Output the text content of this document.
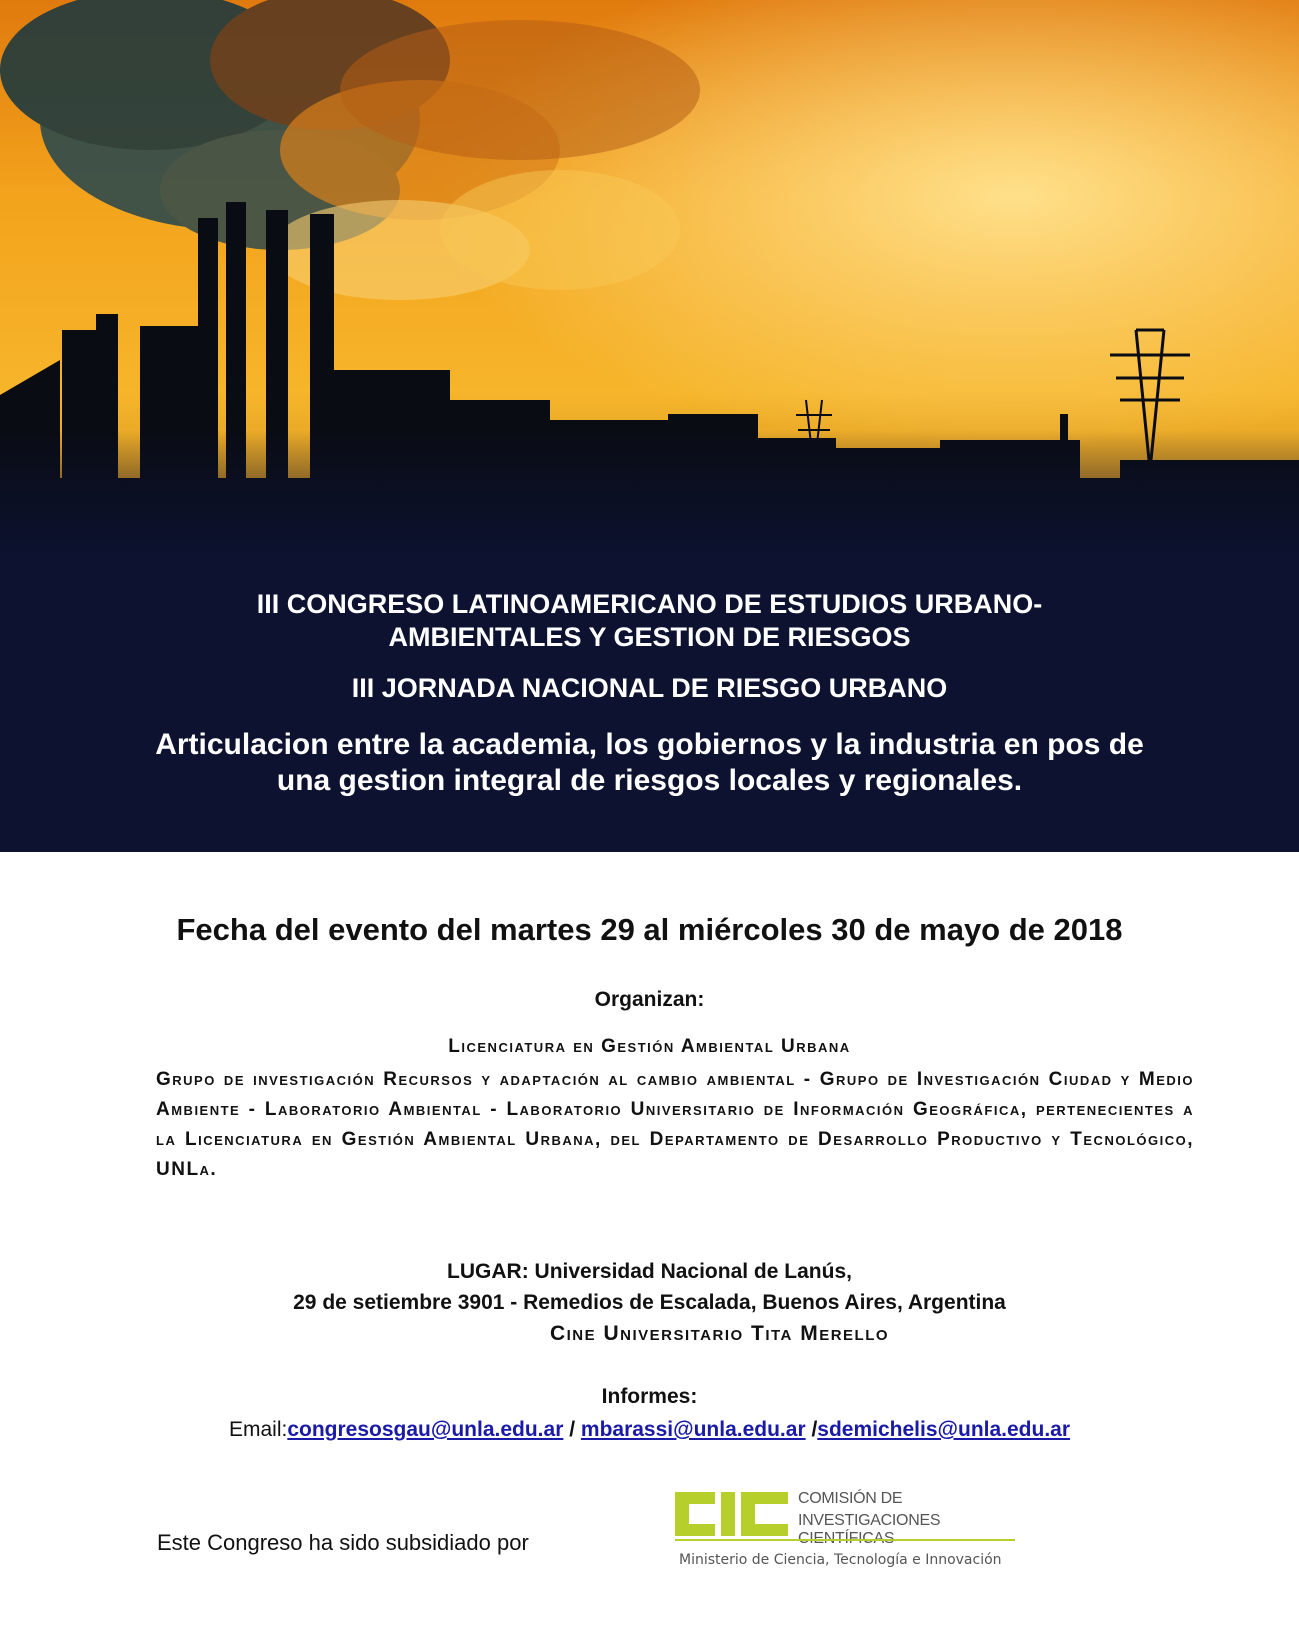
III CONGRESO LATINOAMERICANO DE ESTUDIOS URBANO-
AMBIENTALES Y GESTION DE RIESGOS

III JORNADA NACIONAL DE RIESGO URBANO

Articulacion entre la academia, los gobiernos y la industria en pos de
una gestion integral de riesgos locales y regionales.

Fecha del evento del martes 29 al miércoles 30 de mayo de 2018
Organizan:
Licenciatura en Gestión Ambiental Urbana
Grupo de investigación Recursos y adaptación al cambio ambiental - Grupo de Investigación Ciudad y Medio Ambiente - Laboratorio Ambiental - Laboratorio Universitario de Información Geográfica, pertenecientes a la Licenciatura en Gestión Ambiental Urbana, del Departamento de Desarrollo Productivo y Tecnológico, UNLa.
LUGAR: Universidad Nacional de Lanús,
29 de setiembre 3901 - Remedios de Escalada, Buenos Aires, Argentina
Cine Universitario Tita Merello
Informes:
Email:congresosgau@unla.edu.ar / mbarassi@unla.edu.ar /sdemichelis@unla.edu.ar
Este Congreso ha sido subsidiado por
COMISIÓN DE
INVESTIGACIONES
Ministerio de Ciencia, Tecnología e Innovación
